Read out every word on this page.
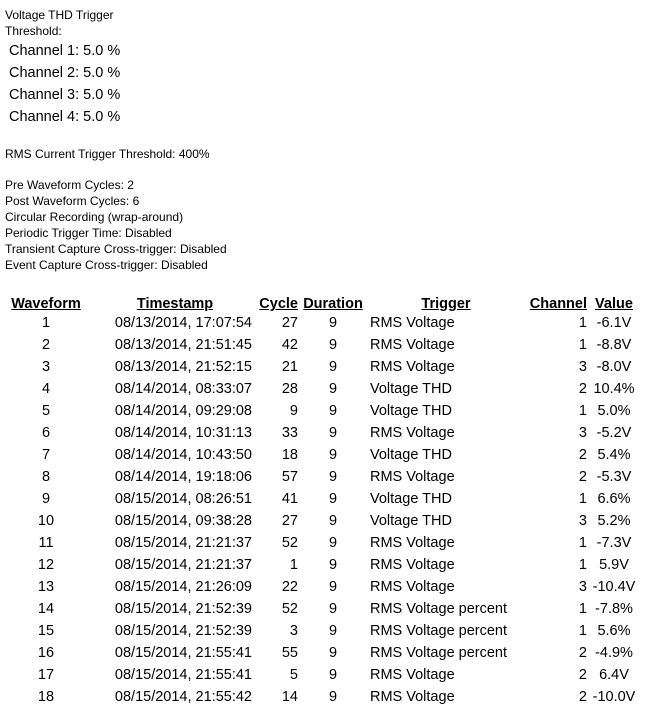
Voltage THD Trigger
Threshold:
Channel 1: 5.0 %
Channel 2: 5.0 %
Channel 3: 5.0 %
Channel 4: 5.0 %
RMS Current Trigger Threshold: 400%
Pre Waveform Cycles: 2
Post Waveform Cycles: 6
Circular Recording (wrap-around)
Periodic Trigger Time: Disabled
Transient Capture Cross-trigger: Disabled
Event Capture Cross-trigger: Disabled
Waveform	Timestamp	Cycle	Duration	Trigger	Channel	Value
1	08/13/2014, 17:07:54	27	9	RMS Voltage	1	-6.1V
2	08/13/2014, 21:51:45	42	9	RMS Voltage	1	-8.8V
3	08/13/2014, 21:52:15	21	9	RMS Voltage	3	-8.0V
4	08/14/2014, 08:33:07	28	9	Voltage THD	2	10.4%
5	08/14/2014, 09:29:08	9	9	Voltage THD	1	5.0%
6	08/14/2014, 10:31:13	33	9	RMS Voltage	3	-5.2V
7	08/14/2014, 10:43:50	18	9	Voltage THD	2	5.4%
8	08/14/2014, 19:18:06	57	9	RMS Voltage	2	-5.3V
9	08/15/2014, 08:26:51	41	9	Voltage THD	1	6.6%
10	08/15/2014, 09:38:28	27	9	Voltage THD	3	5.2%
11	08/15/2014, 21:21:37	52	9	RMS Voltage	1	-7.3V
12	08/15/2014, 21:21:37	1	9	RMS Voltage	1	5.9V
13	08/15/2014, 21:26:09	22	9	RMS Voltage	3	-10.4V
14	08/15/2014, 21:52:39	52	9	RMS Voltage percent	1	-7.8%
15	08/15/2014, 21:52:39	3	9	RMS Voltage percent	1	5.6%
16	08/15/2014, 21:55:41	55	9	RMS Voltage percent	2	-4.9%
17	08/15/2014, 21:55:41	5	9	RMS Voltage	2	6.4V
18	08/15/2014, 21:55:42	14	9	RMS Voltage	2	-10.0V
